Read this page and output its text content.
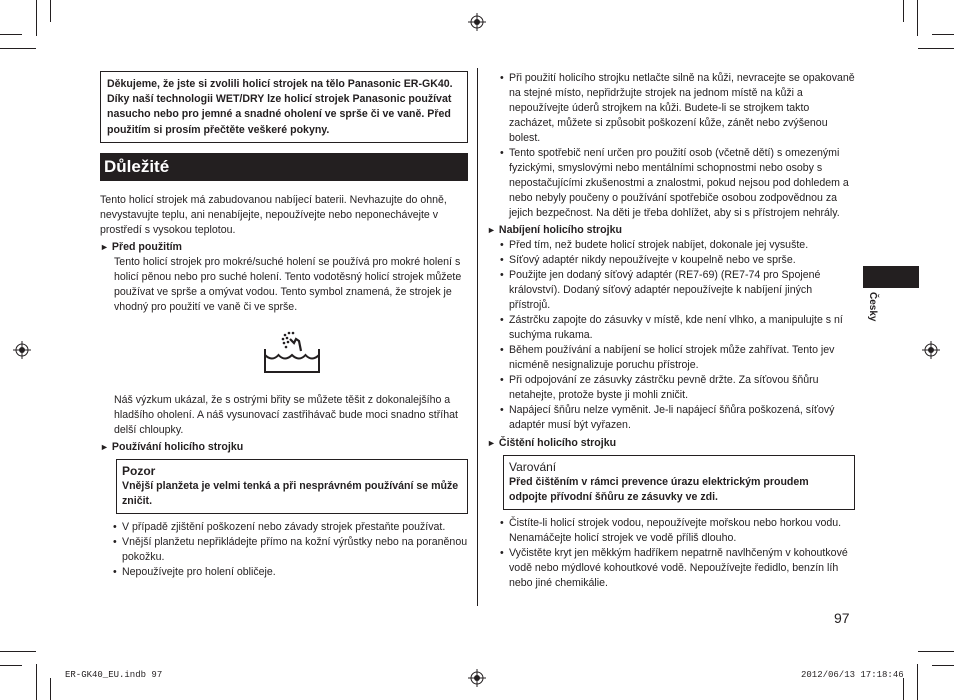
Děkujeme, že jste si zvolili holicí strojek na tělo Panasonic ER-GK40. Díky naší technologii WET/DRY lze holicí strojek Panasonic používat nasucho nebo pro jemné a snadné oholení ve sprše či ve vaně. Před použitím si prosím přečtěte veškeré pokyny.
Důležité
Tento holicí strojek má zabudovanou nabíjecí baterii. Nevhazujte do ohně, nevystavujte teplu, ani nenabíjejte, nepoužívejte nebo neponechávejte v prostředí s vysokou teplotou.
► Před použitím
Tento holicí strojek pro mokré/suché holení se používá pro mokré holení s holicí pěnou nebo pro suché holení. Tento vodotěsný holicí strojek můžete používat ve sprše a omývat vodou. Tento symbol znamená, že strojek je vhodný pro použití ve vaně či ve sprše.
Náš výzkum ukázal, že s ostrými břity se můžete těšit z dokonalejšího a hladšího oholení. A náš vysunovací zastřihávač bude moci snadno stříhat delší chloupky.
► Používání holicího strojku
Pozor
Vnější planžeta je velmi tenká a při nesprávném používání se může zničit.
• V případě zjištění poškození nebo závady strojek přestaňte používat.
• Vnější planžetu nepřikládejte přímo na kožní výrůstky nebo na poraněnou pokožku.
• Nepoužívejte pro holení obličeje.
• Při použití holicího strojku netlačte silně na kůži, nevracejte se opakovaně na stejné místo, nepřidržujte strojek na jednom místě na kůži a nepoužívejte úderů strojkem na kůži. Budete-li se strojkem takto zacházet, můžete si způsobit poškození kůže, zánět nebo zvýšenou bolest.
• Tento spotřebič není určen pro použití osob (včetně dětí) s omezenými fyzickými, smyslovými nebo mentálními schopnostmi nebo osoby s nepostačujícími zkušenostmi a znalostmi, pokud nejsou pod dohledem a nebo nebyly poučeny o používání spotřebiče osobou zodpovědnou za jejich bezpečnost. Na děti je třeba dohlížet, aby si s přístrojem nehrály.
► Nabíjení holicího strojku
• Před tím, než budete holicí strojek nabíjet, dokonale jej vysušte.
• Síťový adaptér nikdy nepoužívejte v koupelně nebo ve sprše.
• Použijte jen dodaný síťový adaptér (RE7-69) (RE7-74 pro Spojené království). Dodaný síťový adaptér nepoužívejte k nabíjení jiných přístrojů.
• Zástrčku zapojte do zásuvky v místě, kde není vlhko, a manipulujte s ní suchýma rukama.
• Během používání a nabíjení se holicí strojek může zahřívat. Tento jev nicméně nesignalizuje poruchu přístroje.
• Při odpojování ze zásuvky zástrčku pevně držte. Za síťovou šňůru netahejte, protože byste ji mohli zničit.
• Napájecí šňůru nelze vyměnit. Je-li napájecí šňůra poškozená, síťový adaptér musí být vyřazen.
► Čištění holicího strojku
Varování
Před čištěním v rámci prevence úrazu elektrickým proudem odpojte přívodní šňůru ze zásuvky ve zdi.
• Čistíte-li holicí strojek vodou, nepoužívejte mořskou nebo horkou vodu. Nenamáčejte holicí strojek ve vodě příliš dlouho.
• Vyčistěte kryt jen měkkým hadříkem nepatrně navlhčeným v kohoutkové vodě nebo mýdlové kohoutkové vodě. Nepoužívejte ředidlo, benzín líh nebo jiné chemikálie.
Česky
97
ER-GK40_EU.indb 97	2012/06/13 17:18:46
